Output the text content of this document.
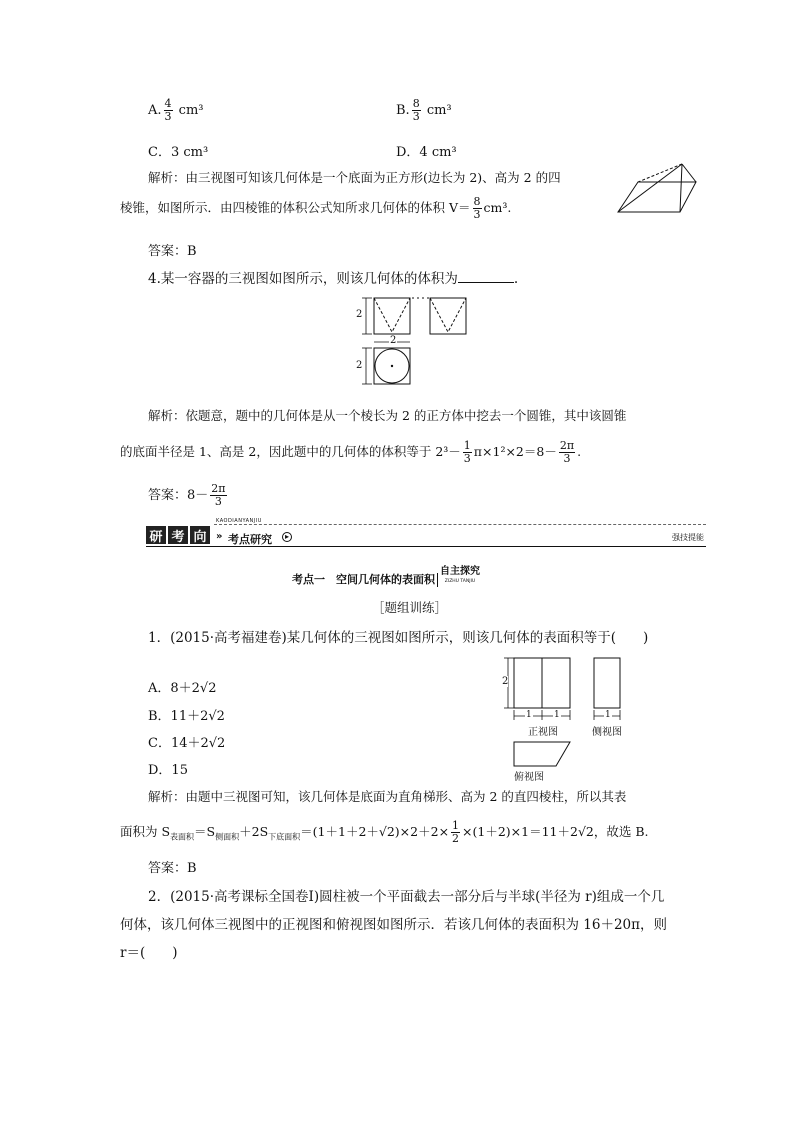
A. $\frac{4}{3} cm^3$	B. $\frac{8}{3} cm^3$
C．3 cm³	D．4 cm³
解析：由三视图可知该几何体是一个底面为正方形(边长为 2)、高为 2 的四
棱锥，如图所示．由四棱锥的体积公式知所求几何体的体积 $V= \frac{8}{3} cm^3$.
答案：B
4.某一容器的三视图如图所示，则该几何体的体积为	.
2
2
2
解析：依题意，题中的几何体是从一个棱长为 2 的正方体中挖去一个圆锥，其中该圆锥
的底面半径是 1、高是 2，因此题中的几何体的体积等于 $2^3- \frac{1}{3} \pi\times 1^2\times 2=8- \frac{2\pi}{3}$ .
答案：$8- \frac{2\pi}{3}$
研 考 向
KAODIANYANJIU
» 考点研究	▸	强技提能
考点一　空间几何体的表面积
自主探究
ZIZHU TANJIU
［题组训练］
1．(2015·高考福建卷)某几何体的三视图如图所示，则该几何体的表面积等于(　　)
A．8＋2√2
B．11＋2√2
C．14＋2√2
D．15
2
1 1	1
正视图	侧视图
俯视图
解析：由题中三视图可知，该几何体是底面为直角梯形、高为 2 的直四棱柱，所以其表
面积为 $S_{表面积}=S_{侧面积}+2S_{下底面积}=(1+1+2+√2)\times 2+2\times \frac{1}{2} \times(1+2)\times 1=11+2√2$，故选 B.
答案：B
2．(2015·高考课标全国卷Ⅰ)圆柱被一个平面截去一部分后与半球(半径为 r)组成一个几
何体，该几何体三视图中的正视图和俯视图如图所示．若该几何体的表面积为 16＋20π，则
r＝(　　)
